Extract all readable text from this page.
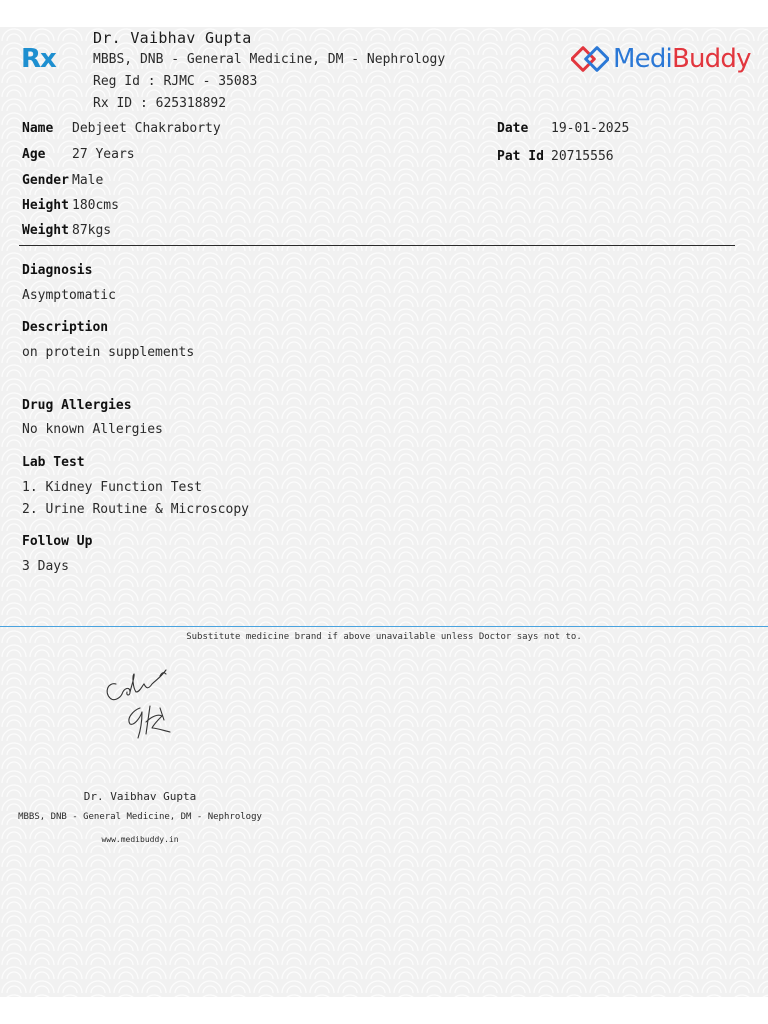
Rx
Dr. Vaibhav Gupta
MBBS, DNB - General Medicine, DM - Nephrology
Reg Id : RJMC - 35083
Rx ID : 625318892
MediBuddy
Name Debjeet Chakraborty
Age 27 Years
Gender Male
Height 180cms
Weight 87kgs
Date 19-01-2025
Pat Id 20715556
Diagnosis
Asymptomatic
Description
on protein supplements
Drug Allergies
No known Allergies
Lab Test
1. Kidney Function Test
2. Urine Routine & Microscopy
Follow Up
3 Days
Substitute medicine brand if above unavailable unless Doctor says not to.
Dr. Vaibhav Gupta
MBBS, DNB - General Medicine, DM - Nephrology
www.medibuddy.in
